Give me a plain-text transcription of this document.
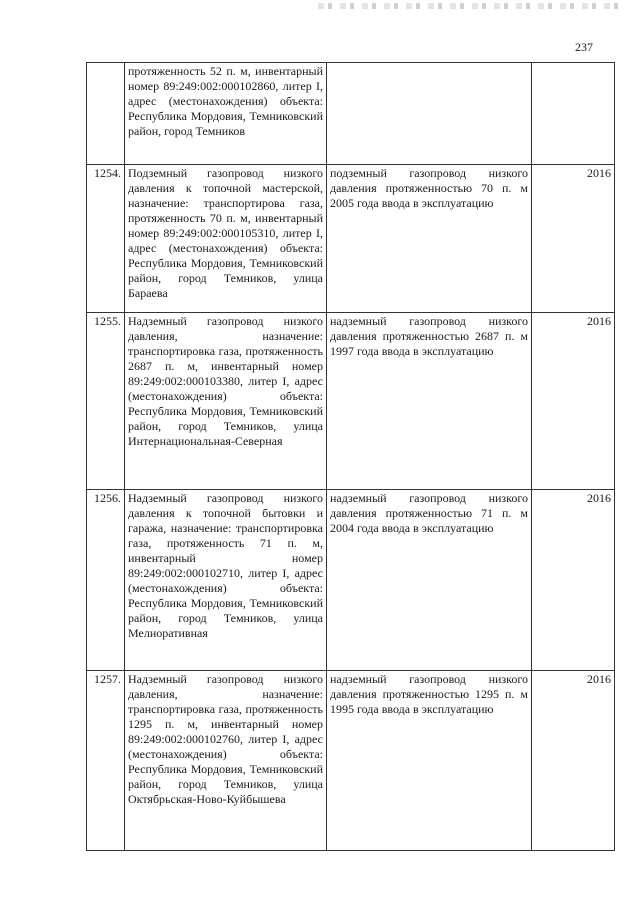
237
	протяженность 52 п. м, инвентарный номер 89:249:002:000102860, литер I, адрес (местонахождения) объекта: Республика Мордовия, Темниковский район, город Темников		
1254.	Подземный газопровод низкого давления к топочной мастерской, назначение: транспортирова газа, протяженность 70 п. м, инвентарный номер 89:249:002:000105310, литер I, адрес (местонахождения) объекта: Республика Мордовия, Темниковский район, город Темников, улица Бараева	подземный газопровод низкого давления протяженностью 70 п. м 2005 года ввода в эксплуатацию	2016
1255.	Надземный газопровод низкого давления, назначение: транспортировка газа, протяженность 2687 п. м, инвентарный номер 89:249:002:000103380, литер I, адрес (местонахождения) объекта: Республика Мордовия, Темниковский район, город Темников, улица Интернациональная-Северная	надземный газопровод низкого давления протяженностью 2687 п. м 1997 года ввода в эксплуатацию	2016
1256.	Надземный газопровод низкого давления к топочной бытовки и гаража, назначение: транспортировка газа, протяженность 71 п. м, инвентарный номер 89:249:002:000102710, литер I, адрес (местонахождения) объекта: Республика Мордовия, Темниковский район, город Темников, улица Мелиоративная	надземный газопровод низкого давления протяженностью 71 п. м 2004 года ввода в эксплуатацию	2016
1257.	Надземный газопровод низкого давления, назначение: транспортировка газа, протяженность 1295 п. м, инвентарный номер 89:249:002:000102760, литер I, адрес (местонахождения) объекта: Республика Мордовия, Темниковский район, город Темников, улица Октябрьская-Ново-Куйбышева	надземный газопровод низкого давления протяженностью 1295 п. м 1995 года ввода в эксплуатацию	2016
